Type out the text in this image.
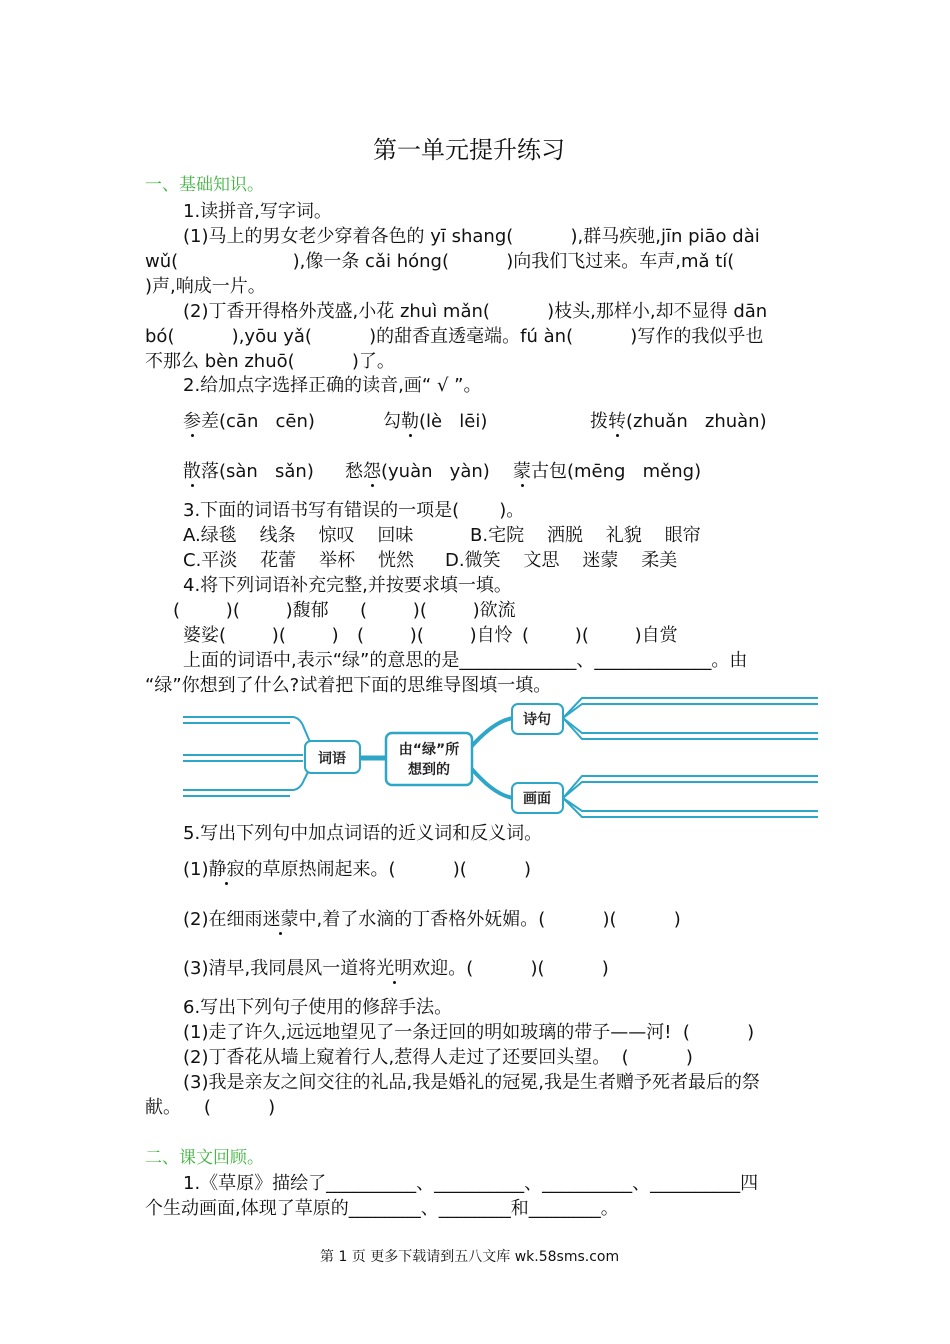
第一单元提升练习
一、基础知识。
1.读拼音,写字词。
(1)马上的男女老少穿着各色的 yī shang(          ),群马疾驰,jīn piāo dài
wǔ(                    ),像一条 cǎi hóng(          )向我们飞过来。车声,mǎ tí(
)声,响成一片。
(2)丁香开得格外茂盛,小花 zhuì mǎn(          )枝头,那样小,却不显得 dān
bó(          ),yōu yǎ(          )的甜香直透毫端。fú àn(          )写作的我似乎也
不那么 bèn zhuō(          )了。
2.给加点字选择正确的读音,画“ √ ”。
参差(cān   cēn)	勾勒(lè   lēi)	拨转(zhuǎn   zhuàn)
散落(sàn   sǎn) 愁怨(yuàn   yàn) 蒙古包(mēng   měng)
3.下面的词语书写有错误的一项是(       )。
A.绿毯    线条    惊叹    回味	B.宅院    洒脱    礼貌    眼帘
C.平淡    花蕾    举杯    恍然 D.微笑    文思    迷蒙    柔美
4.将下列词语补充完整,并按要求填一填。
(        )(        )馥郁 (        )(        )欲流
婆娑(        )(        ) (        )(        )自怜 (        )(        )自赏
上面的词语中,表示“绿”的意思的是_____________、_____________。由
“绿”你想到了什么?试着把下面的思维导图填一填。
词语
由“绿”所
想到的
诗句
画面
5.写出下列句中加点词语的近义词和反义词。
(1)静寂的草原热闹起来。(          )(          )
(2)在细雨迷蒙中,着了水滴的丁香格外妩媚。(          )(          )
(3)清早,我同晨风一道将光明欢迎。(          )(          )
6.写出下列句子使用的修辞手法。
(1)走了许久,远远地望见了一条迂回的明如玻璃的带子——河!  (          )
(2)丁香花从墙上窥着行人,惹得人走过了还要回头望。  (          )
(3)我是亲友之间交往的礼品,我是婚礼的冠冕,我是生者赠予死者最后的祭
献。    (          )
二、课文回顾。
1.《草原》描绘了__________、__________、__________、__________四
个生动画面,体现了草原的________、________和________。
第 1 页 更多下载请到五八文库 wk.58sms.com
